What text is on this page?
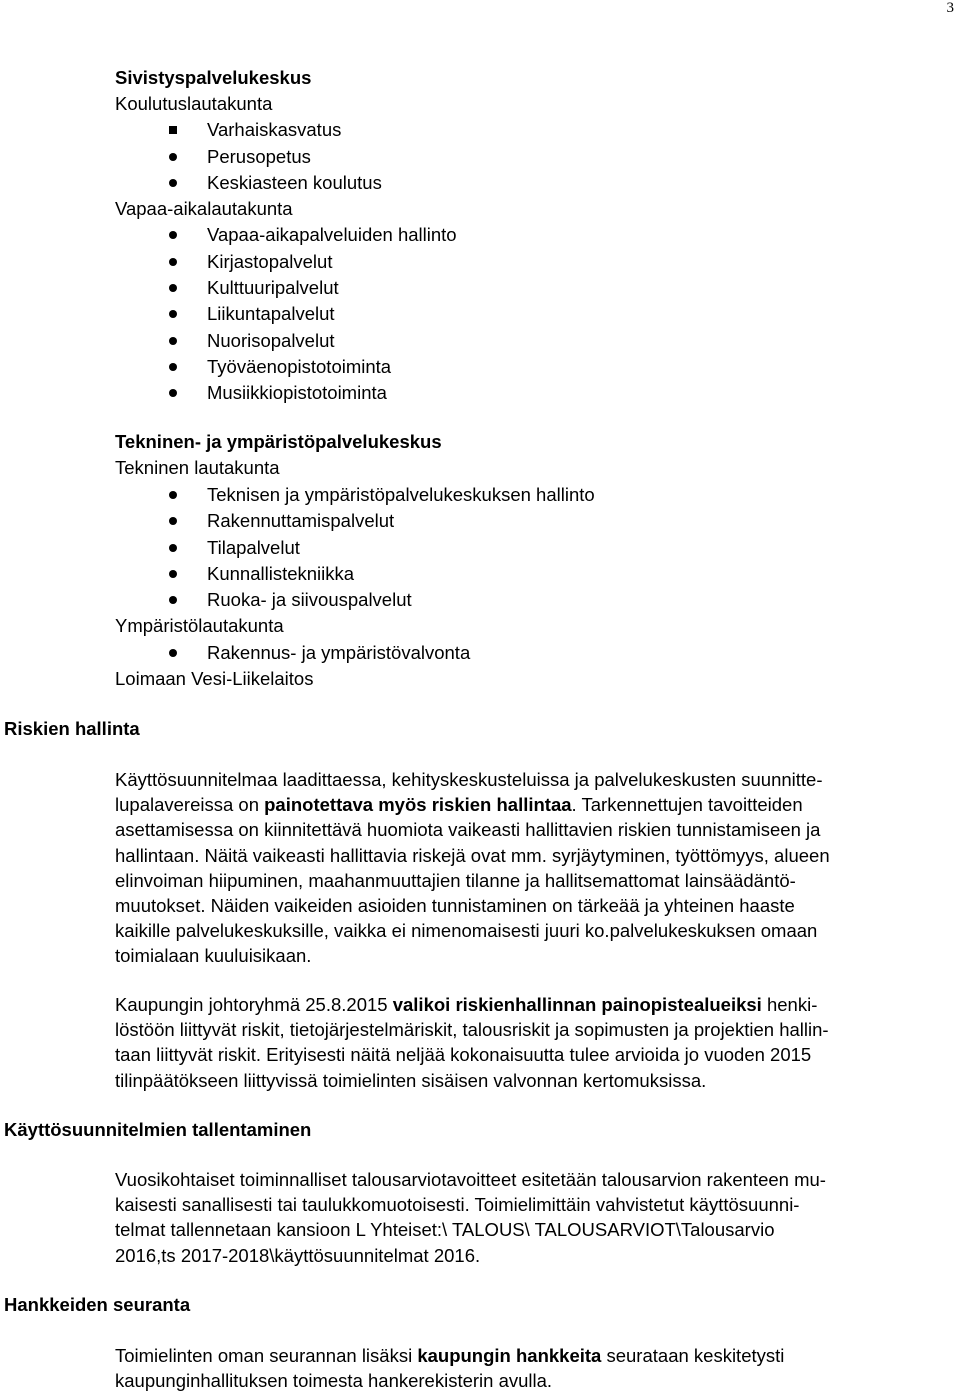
3
Sivistyspalvelukeskus
Koulutuslautakunta
Varhaiskasvatus
Perusopetus
Keskiasteen koulutus
Vapaa-aikalautakunta
Vapaa-aikapalveluiden hallinto
Kirjastopalvelut
Kulttuuripalvelut
Liikuntapalvelut
Nuorisopalvelut
Työväenopistotoiminta
Musiikkiopistotoiminta
Tekninen- ja ympäristöpalvelukeskus
Tekninen lautakunta
Teknisen ja ympäristöpalvelukeskuksen hallinto
Rakennuttamispalvelut
Tilapalvelut
Kunnallistekniikka
Ruoka- ja siivouspalvelut
Ympäristölautakunta
Rakennus- ja ympäristövalvonta
Loimaan Vesi-Liikelaitos
Riskien hallinta
Käyttösuunnitelmaa laadittaessa, kehityskeskusteluissa ja palvelukeskusten suunnitte-
lupalavereissa on painotettava myös riskien hallintaa. Tarkennettujen tavoitteiden
asettamisessa on kiinnitettävä huomiota vaikeasti hallittavien riskien tunnistamiseen ja
hallintaan. Näitä vaikeasti hallittavia riskejä ovat mm. syrjäytyminen, työttömyys, alueen
elinvoiman hiipuminen, maahanmuuttajien tilanne ja hallitsemattomat lainsäädäntö-
muutokset. Näiden vaikeiden asioiden tunnistaminen on tärkeää ja yhteinen haaste
kaikille palvelukeskuksille, vaikka ei nimenomaisesti juuri ko.palvelukeskuksen omaan
toimialaan kuuluisikaan.
Kaupungin johtoryhmä 25.8.2015 valikoi riskienhallinnan painopistealueiksi henki-
löstöön liittyvät riskit, tietojärjestelmäriskit, talousriskit ja sopimusten ja projektien hallin-
taan liittyvät riskit. Erityisesti näitä neljää kokonaisuutta tulee arvioida jo vuoden 2015
tilinpäätökseen liittyvissä toimielinten sisäisen valvonnan kertomuksissa.
Käyttösuunnitelmien tallentaminen
Vuosikohtaiset toiminnalliset talousarviotavoitteet esitetään talousarvion rakenteen mu-
kaisesti sanallisesti tai taulukkomuotoisesti. Toimielimittäin vahvistetut käyttösuunni-
telmat tallennetaan kansioon L Yhteiset:\ TALOUS\ TALOUSARVIOT\Talousarvio
2016,ts 2017-2018\käyttösuunnitelmat 2016.
Hankkeiden seuranta
Toimielinten oman seurannan lisäksi kaupungin hankkeita seurataan keskitetysti
kaupunginhallituksen toimesta hankerekisterin avulla.
